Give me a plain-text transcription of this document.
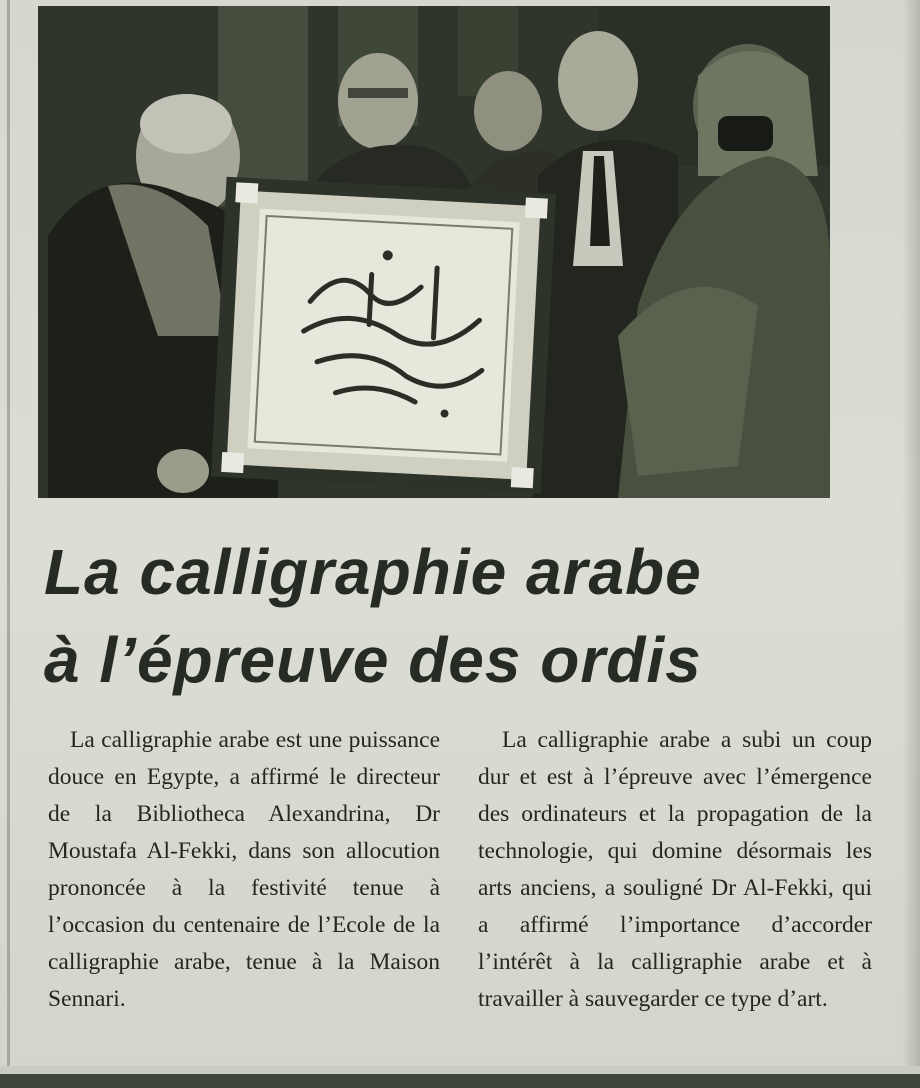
La calligraphie arabe
à l’épreuve des ordis

La calligraphie arabe est une puissance douce en Egypte, a affirmé le directeur de la Bibliotheca Alexandrina, Dr Moustafa Al-Fekki, dans son allocution prononcée à la festivité tenue à l’occasion du centenaire de l’Ecole de la calligraphie arabe, tenue à la Maison Sennari.

La calligraphie arabe a subi un coup dur et est à l’épreuve avec l’émergence des ordinateurs et la propagation de la technologie, qui domine désormais les arts anciens, a souligné Dr Al-Fekki, qui a affirmé l’importance d’accorder l’intérêt à la calligraphie arabe et à travailler à sauvegarder ce type d’art.
